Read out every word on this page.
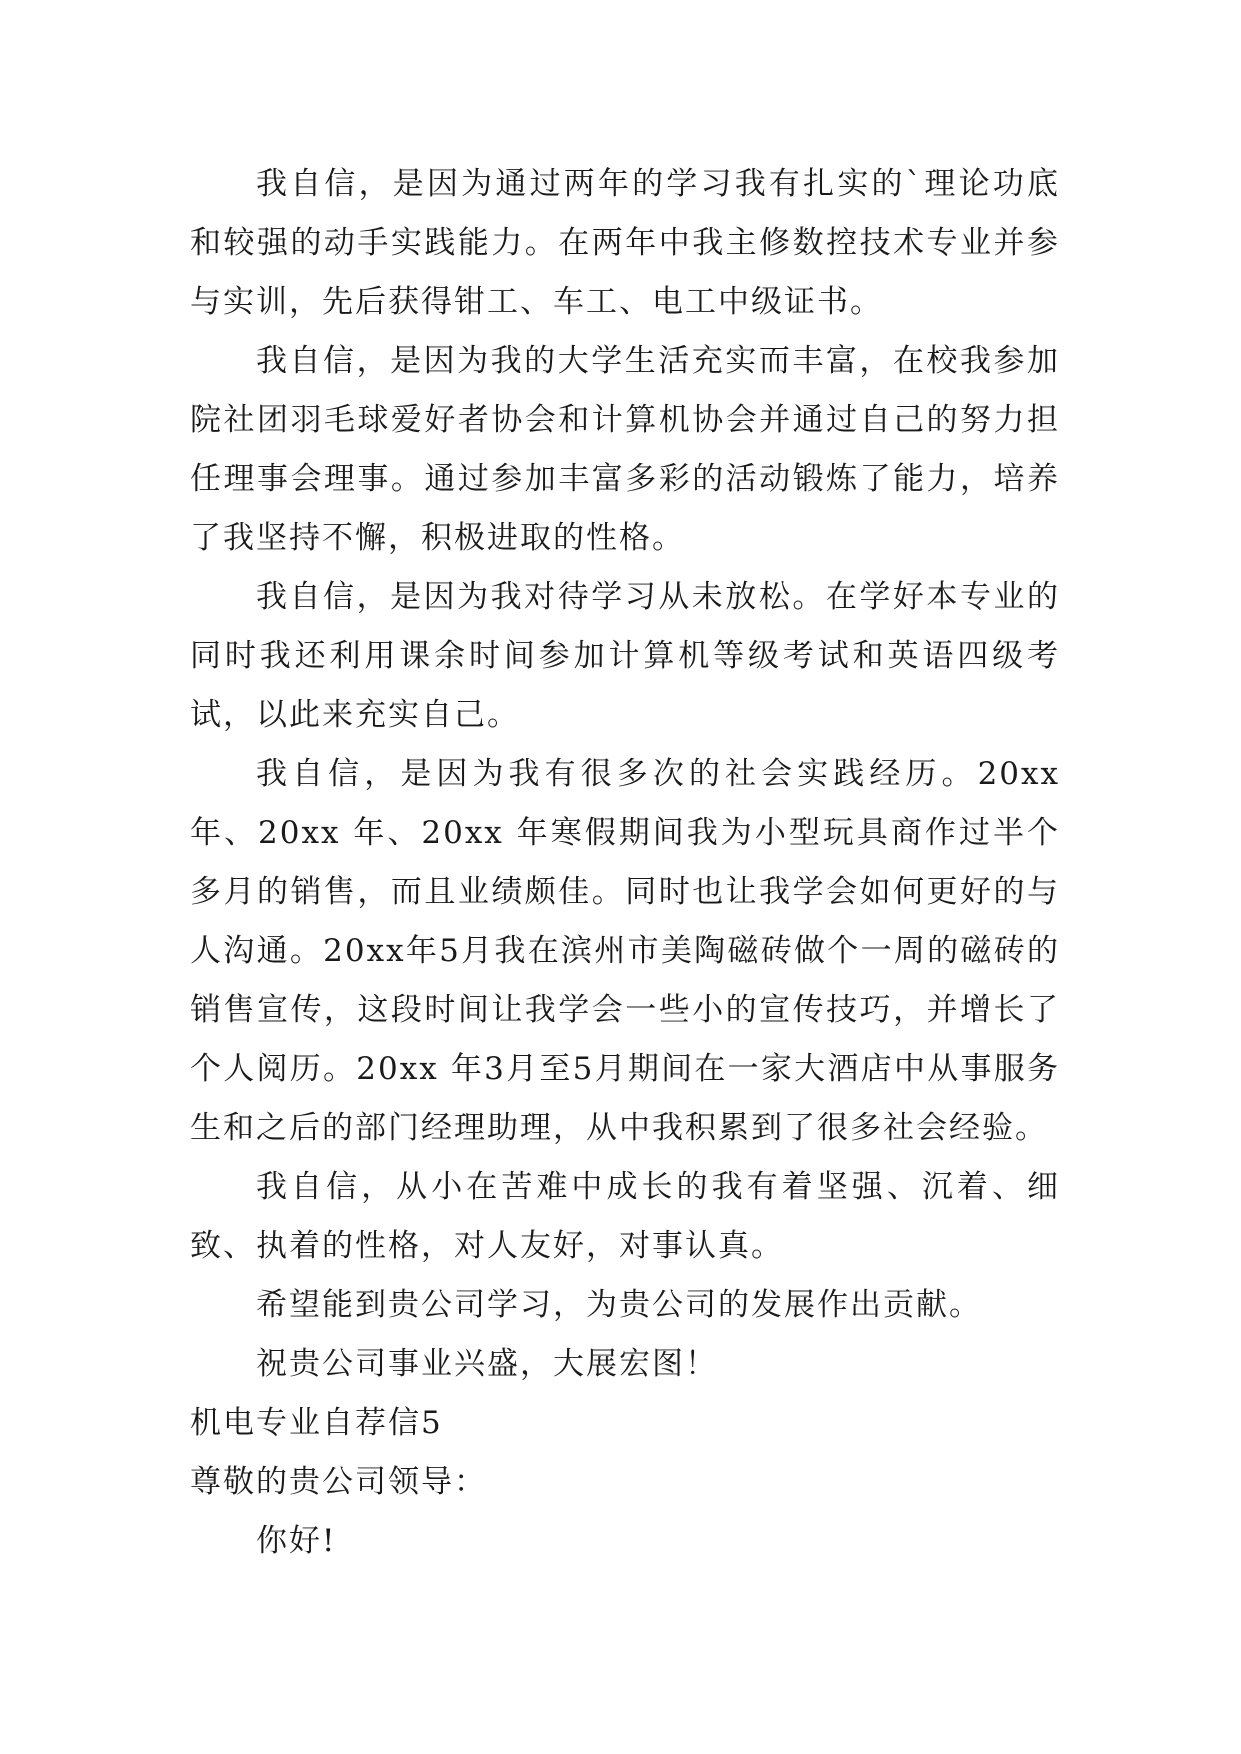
我自信，是因为通过两年的学习我有扎实的`理论功底和较强的动手实践能力。在两年中我主修数控技术专业并参与实训，先后获得钳工、车工、电工中级证书。

我自信，是因为我的大学生活充实而丰富，在校我参加院社团羽毛球爱好者协会和计算机协会并通过自己的努力担任理事会理事。通过参加丰富多彩的活动锻炼了能力，培养了我坚持不懈，积极进取的性格。

我自信，是因为我对待学习从未放松。在学好本专业的同时我还利用课余时间参加计算机等级考试和英语四级考试，以此来充实自己。

我自信，是因为我有很多次的社会实践经历。20xx 年、20xx 年、20xx 年寒假期间我为小型玩具商作过半个多月的销售，而且业绩颇佳。同时也让我学会如何更好的与人沟通。20xx年5月我在滨州市美陶磁砖做个一周的磁砖的销售宣传，这段时间让我学会一些小的宣传技巧，并增长了个人阅历。20xx 年3月至5月期间在一家大酒店中从事服务生和之后的部门经理助理，从中我积累到了很多社会经验。

我自信，从小在苦难中成长的我有着坚强、沉着、细致、执着的性格，对人友好，对事认真。

希望能到贵公司学习，为贵公司的发展作出贡献。

祝贵公司事业兴盛，大展宏图！

机电专业自荐信5

尊敬的贵公司领导：

你好!
